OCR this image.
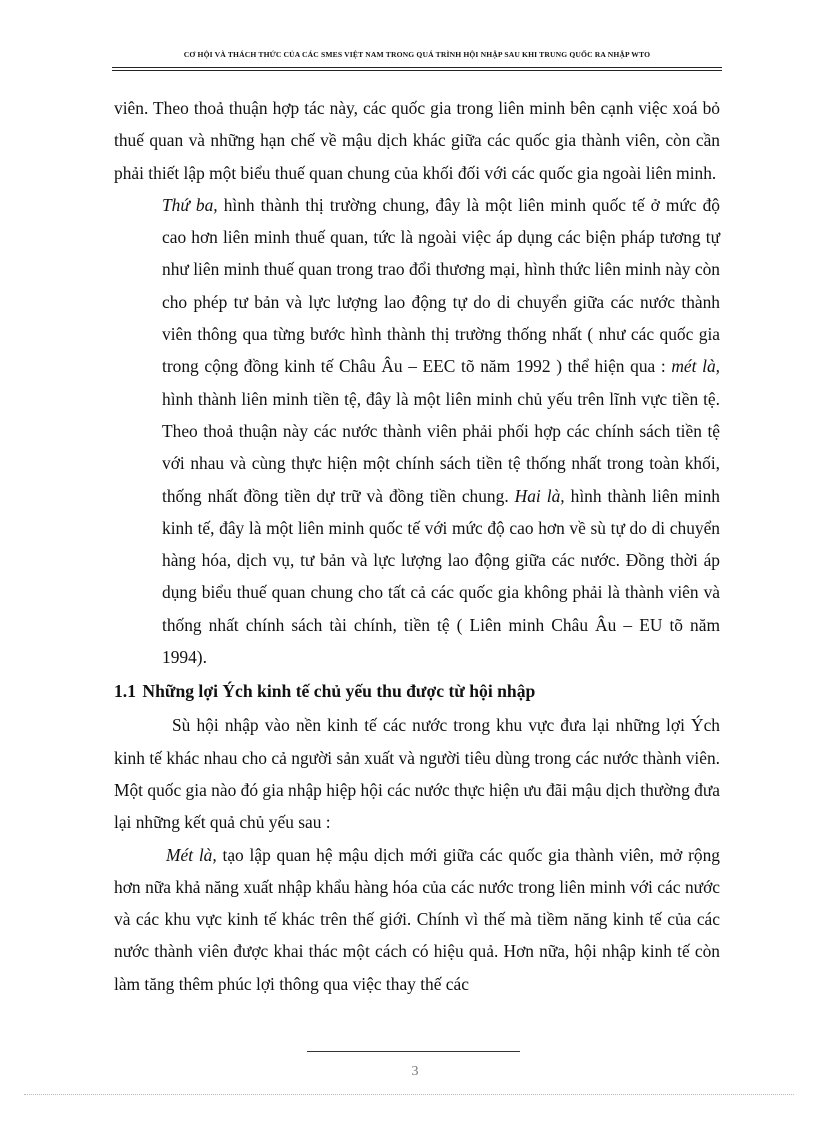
CƠ HỘI VÀ THÁCH THỨC CỦA CÁC SMES VIỆT NAM TRONG QUÁ TRÌNH HỘI NHẬP SAU KHI TRUNG QUỐC RA NHẬP WTO

viên. Theo thoả thuận hợp tác này, các quốc gia trong liên minh bên cạnh việc xoá bỏ thuế quan và những hạn chế về mậu dịch khác giữa các quốc gia thành viên, còn cần phải thiết lập một biểu thuế quan chung của khối đối với các quốc gia ngoài liên minh.

Thứ ba, hình thành thị trường chung, đây là một liên minh quốc tế ở mức độ cao hơn liên minh thuế quan, tức là ngoài việc áp dụng các biện pháp tương tự như liên minh thuế quan trong trao đổi thương mại, hình thức liên minh này còn cho phép tư bản và lực lượng lao động tự do di chuyển giữa các nước thành viên thông qua từng bước hình thành thị trường thống nhất ( như các quốc gia trong cộng đồng kinh tế Châu Âu – EEC tõ năm 1992 ) thể hiện qua : mét là, hình thành liên minh tiền tệ, đây là một liên minh chủ yếu trên lĩnh vực tiền tệ. Theo thoả thuận này các nước thành viên phải phối hợp các chính sách tiền tệ với nhau và cùng thực hiện một chính sách tiền tệ thống nhất trong toàn khối, thống nhất đồng tiền dự trữ và đồng tiền chung. Hai là, hình thành liên minh kinh tế, đây là một liên minh quốc tế với mức độ cao hơn về sù tự do di chuyển hàng hóa, dịch vụ, tư bản và lực lượng lao động giữa các nước. Đồng thời áp dụng biểu thuế quan chung cho tất cả các quốc gia không phải là thành viên và thống nhất chính sách tài chính, tiền tệ ( Liên minh Châu Âu – EU tõ năm 1994).

1.1 Những lợi Ých kinh tế chủ yếu thu được từ hội nhập

Sù hội nhập vào nền kinh tế các nước trong khu vực đưa lại những lợi Ých kinh tế khác nhau cho cả người sản xuất và người tiêu dùng trong các nước thành viên. Một quốc gia nào đó gia nhập hiệp hội các nước thực hiện ưu đãi mậu dịch thường đưa lại những kết quả chủ yếu sau :

Mét là, tạo lập quan hệ mậu dịch mới giữa các quốc gia thành viên, mở rộng hơn nữa khả năng xuất nhập khẩu hàng hóa của các nước trong liên minh với các nước và các khu vực kinh tế khác trên thế giới. Chính vì thế mà tiềm năng kinh tế của các nước thành viên được khai thác một cách có hiệu quả. Hơn nữa, hội nhập kinh tế còn làm tăng thêm phúc lợi thông qua việc thay thế các

3
